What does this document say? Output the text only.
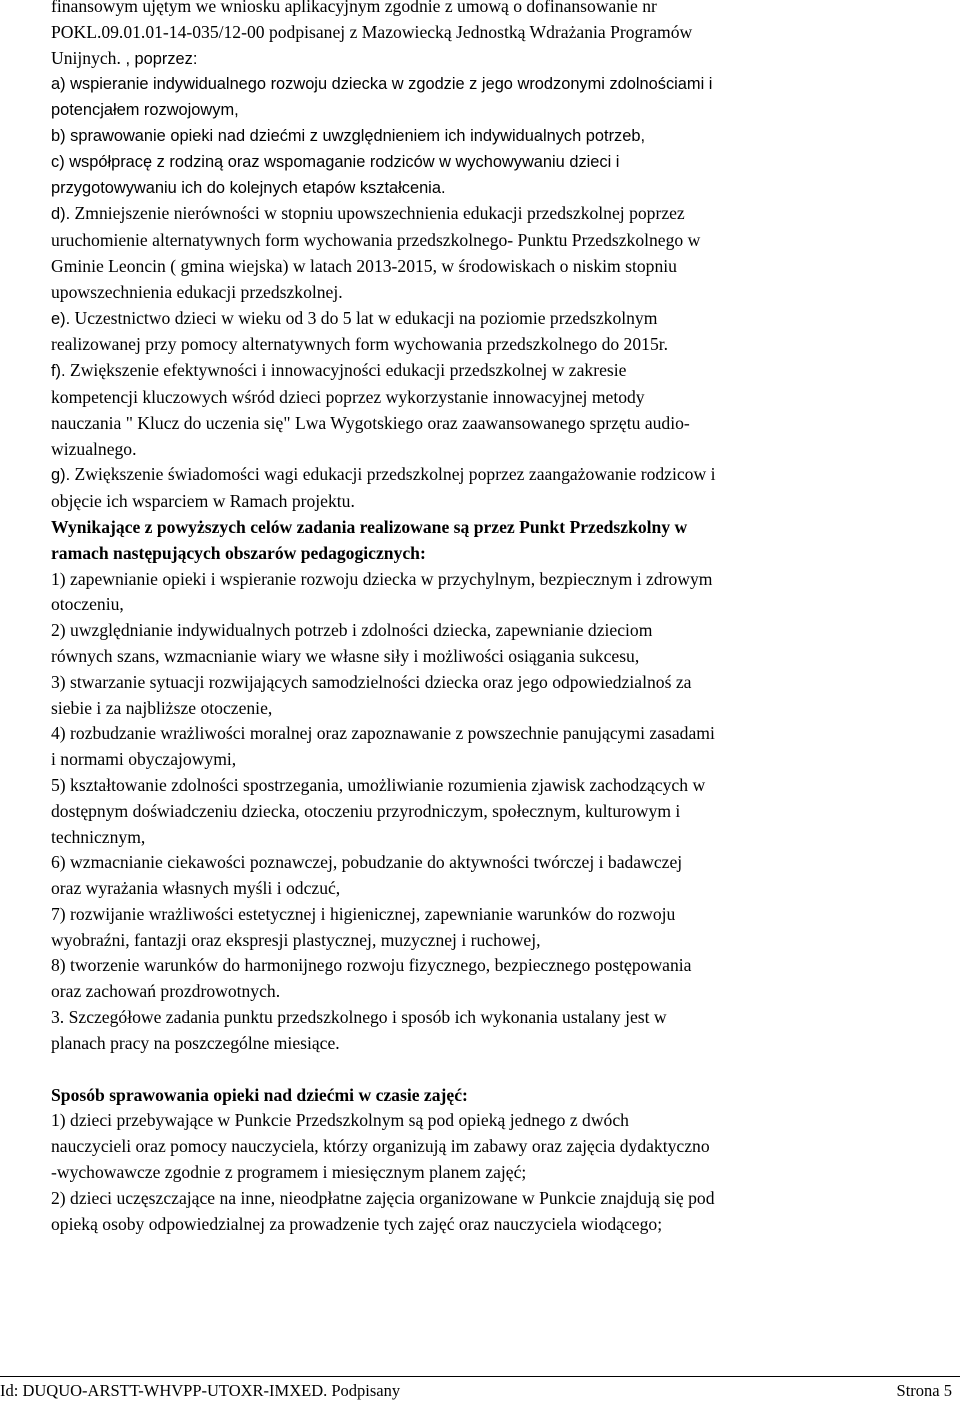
finansowym ujętym we wniosku aplikacyjnym zgodnie z umową o dofinansowanie nr

POKL.09.01.01-14-035/12-00 podpisanej z Mazowiecką Jednostką Wdrażania Programów

Unijnych. , poprzez:

a) wspieranie indywidualnego rozwoju dziecka w zgodzie z jego wrodzonymi zdolnościami i

potencjałem rozwojowym,

b) sprawowanie opieki nad dziećmi z uwzględnieniem ich indywidualnych potrzeb,

c) współpracę z rodziną oraz wspomaganie rodziców w wychowywaniu dzieci i

przygotowywaniu ich do kolejnych etapów kształcenia.

d). Zmniejszenie nierówności w stopniu upowszechnienia edukacji przedszkolnej poprzez

uruchomienie alternatywnych form wychowania przedszkolnego- Punktu Przedszkolnego w

Gminie Leoncin ( gmina wiejska) w latach 2013-2015, w środowiskach o niskim stopniu

upowszechnienia edukacji przedszkolnej.

e). Uczestnictwo dzieci w wieku od 3 do 5 lat w edukacji na poziomie przedszkolnym

realizowanej przy pomocy alternatywnych form wychowania przedszkolnego do 2015r.

f). Zwiększenie efektywności i innowacyjności edukacji przedszkolnej w zakresie

kompetencji kluczowych wśród dzieci poprzez wykorzystanie innowacyjnej metody

nauczania " Klucz do uczenia się" Lwa Wygotskiego oraz zaawansowanego sprzętu audio-

wizualnego.

g). Zwiększenie świadomości wagi edukacji przedszkolnej poprzez zaangażowanie rodzicow i

objęcie ich wsparciem w Ramach projektu.

Wynikające z powyższych celów zadania realizowane są przez Punkt Przedszkolny w

ramach następujących obszarów pedagogicznych:

1) zapewnianie opieki i wspieranie rozwoju dziecka w przychylnym, bezpiecznym i zdrowym

otoczeniu,

2) uwzględnianie indywidualnych potrzeb i zdolności dziecka, zapewnianie dzieciom

równych szans, wzmacnianie wiary we własne siły i możliwości osiągania sukcesu,

3) stwarzanie sytuacji rozwijających samodzielności dziecka oraz jego odpowiedzialnoś za

siebie i za najbliższe otoczenie,

4) rozbudzanie wrażliwości moralnej oraz zapoznawanie z powszechnie panującymi zasadami

i normami obyczajowymi,

5) kształtowanie zdolności spostrzegania, umożliwianie rozumienia zjawisk zachodzących w

dostępnym doświadczeniu dziecka, otoczeniu przyrodniczym, społecznym, kulturowym i

technicznym,

6) wzmacnianie ciekawości poznawczej, pobudzanie do aktywności twórczej i badawczej

oraz wyrażania własnych myśli i odczuć,

7) rozwijanie wrażliwości estetycznej i higienicznej, zapewnianie warunków do rozwoju

wyobraźni, fantazji oraz ekspresji plastycznej, muzycznej i ruchowej,

8) tworzenie warunków do harmonijnego rozwoju fizycznego, bezpiecznego postępowania

oraz zachowań prozdrowotnych.

3. Szczegółowe zadania punktu przedszkolnego i sposób ich wykonania ustalany jest w

planach pracy na poszczególne miesiące.

Sposób sprawowania opieki nad dziećmi w czasie zajęć:

1) dzieci przebywające w Punkcie Przedszkolnym są pod opieką jednego z dwóch

nauczycieli oraz pomocy nauczyciela, którzy organizują im zabawy oraz zajęcia dydaktyczno

-wychowawcze zgodnie z programem i miesięcznym planem zajęć;

2) dzieci uczęszczające na inne, nieodpłatne zajęcia organizowane w Punkcie znajdują się pod

opieką osoby odpowiedzialnej za prowadzenie tych zajęć oraz nauczyciela wiodącego;

Id: DUQUO-ARSTT-WHVPP-UTOXR-IMXED. Podpisany	Strona 5
